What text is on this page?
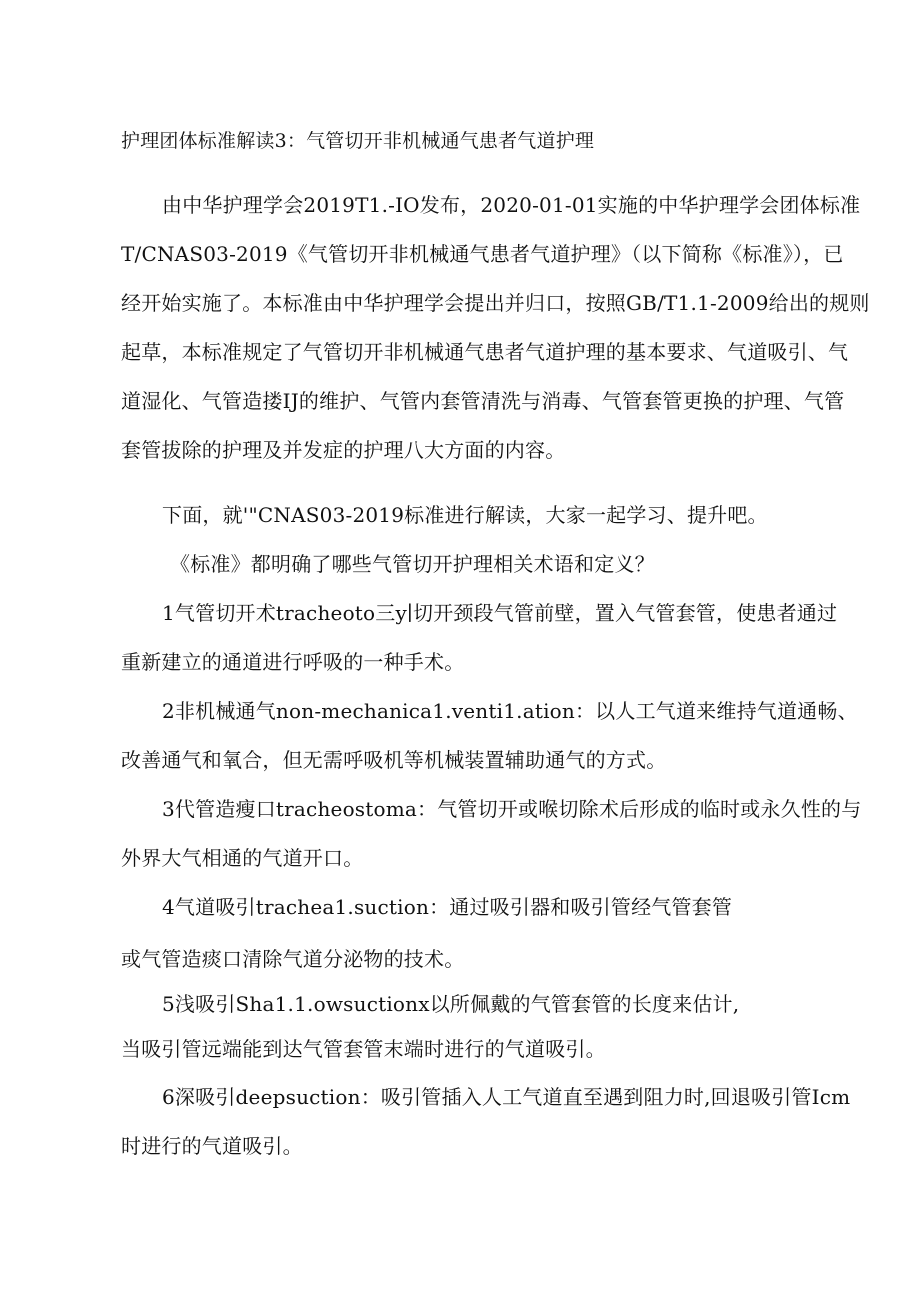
护理团体标准解读3：气管切开非机械通气患者气道护理
由中华护理学会2019T1.-IO发布，2020-01-01实施的中华护理学会团体标准
T/CNAS03-2019《气管切开非机械通气患者气道护理》（以下简称《标准》），已
经开始实施了。本标准由中华护理学会提出并归口，按照GB/T1.1-2009给出的规则
起草，本标准规定了气管切开非机械通气患者气道护理的基本要求、气道吸引、气
道湿化、气管造搂IJ的维护、气管内套管清洗与消毒、气管套管更换的护理、气管
套管拔除的护理及并发症的护理八大方面的内容。
下面，就'"CNAS03-2019标准进行解读，大家一起学习、提升吧。
《标准》都明确了哪些气管切开护理相关术语和定义？
1气管切开术tracheoto三y∣切开颈段气管前壁，置入气管套管，使患者通过
重新建立的通道进行呼吸的一种手术。
2非机械通气non-mechanica1.venti1.ation：以人工气道来维持气道通畅、
改善通气和氧合，但无需呼吸机等机械装置辅助通气的方式。
3代管造瘦口tracheostoma：气管切开或喉切除术后形成的临时或永久性的与
外界大气相通的气道开口。
4气道吸引trachea1.suction：通过吸引器和吸引管经气管套管
或气管造痰口清除气道分泌物的技术。
5浅吸引Sha1.1.owsuctionx以所佩戴的气管套管的长度来估计,
当吸引管远端能到达气管套管末端时进行的气道吸引。
6深吸引deepsuction：吸引管插入人工气道直至遇到阻力时,回退吸引管Icm
时进行的气道吸引。
